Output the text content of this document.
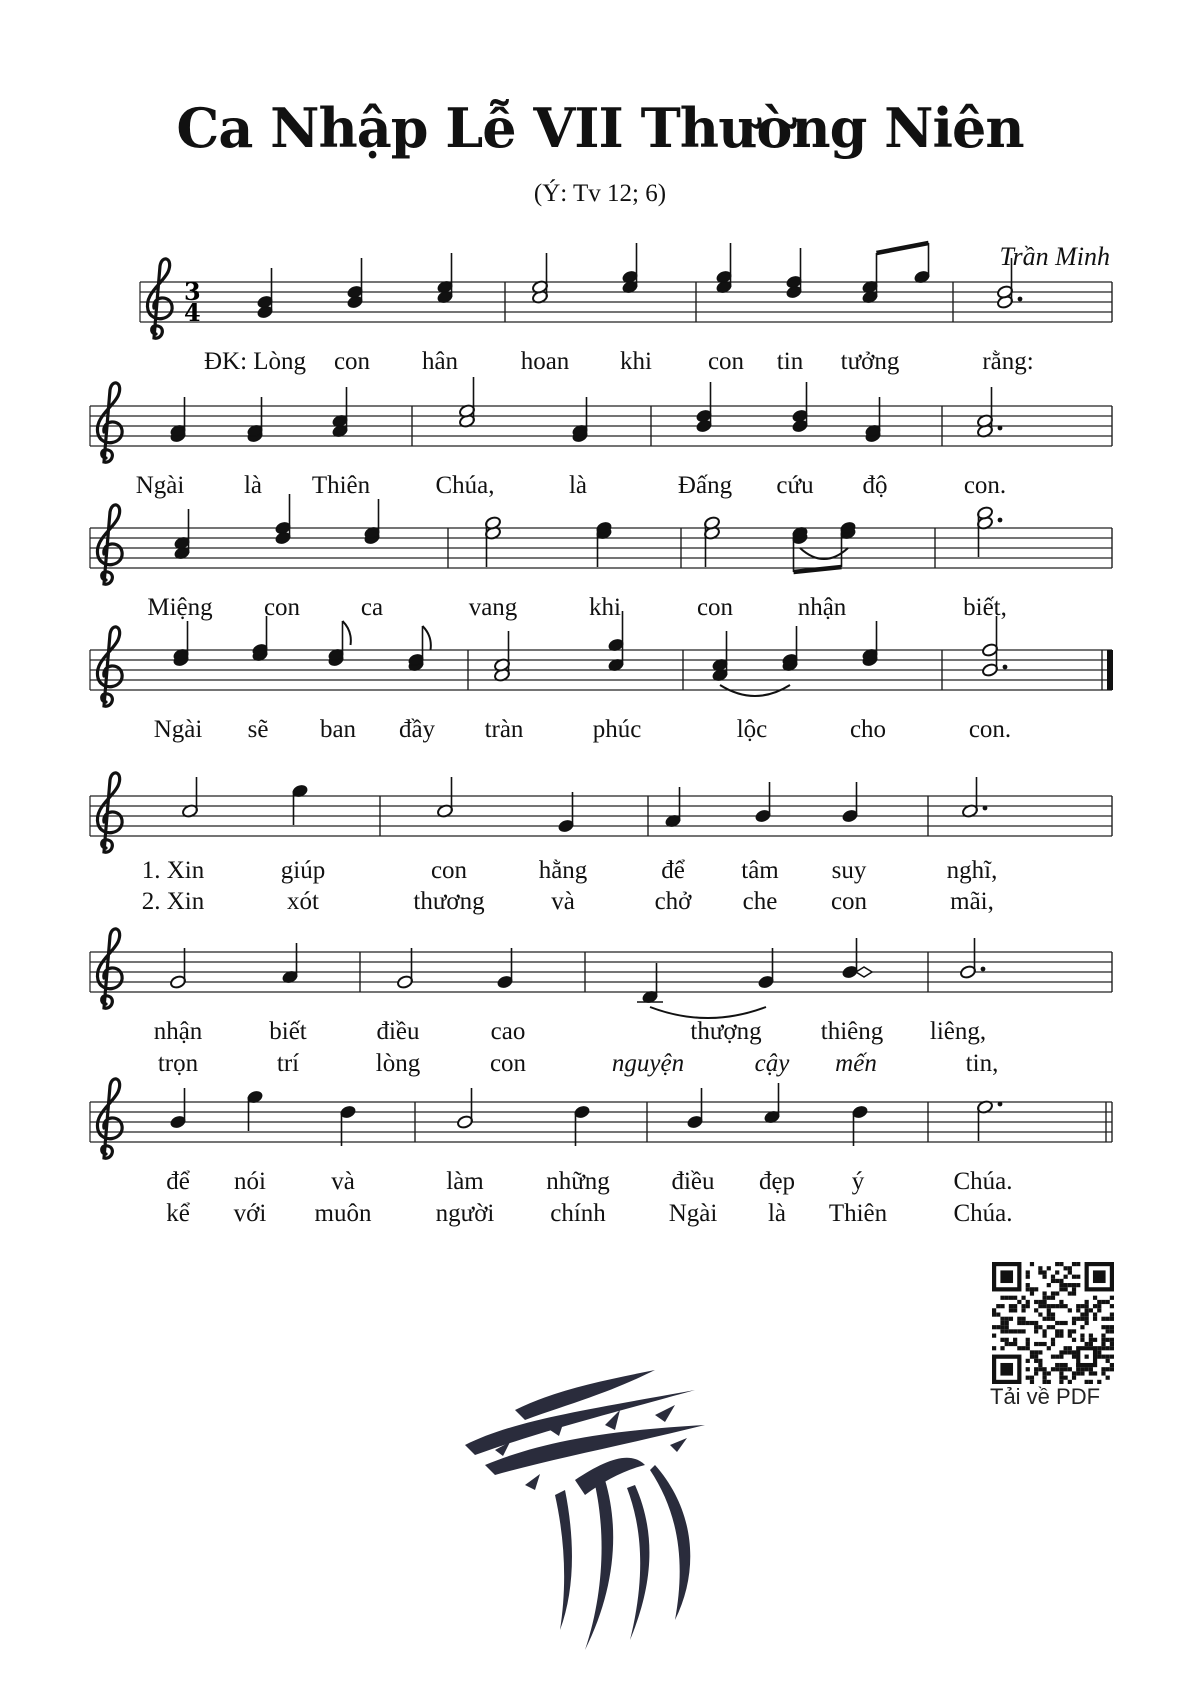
Ca Nhập Lễ VII Thường Niên
(Ý: Tv 12; 6)
Trần Minh
3
4
ĐK: Lòng con hân	hoan khi con tin tưởng	rằng:
Ngài là Thiên	Chúa,	là	Đấng cứu độ	con.
Miệng con ca	vang	khi	con	nhận	biết,
Ngài sẽ ban đầy tràn	phúc	lộc	cho	con.
1. Xin	giúp	con	hằng	để tâm suy	nghĩ,
2. Xin	xót	thương	và	chở che con	mãi,
nhận	biết	điều	cao	thượng thiêng liêng,
trọn	trí	lòng	con	nguyện	cậy mến	tin,
để nói	và	làm những điều đẹp ý	Chúa.
kể với muôn	người chính	Ngài là Thiên	Chúa.
Tải về PDF
